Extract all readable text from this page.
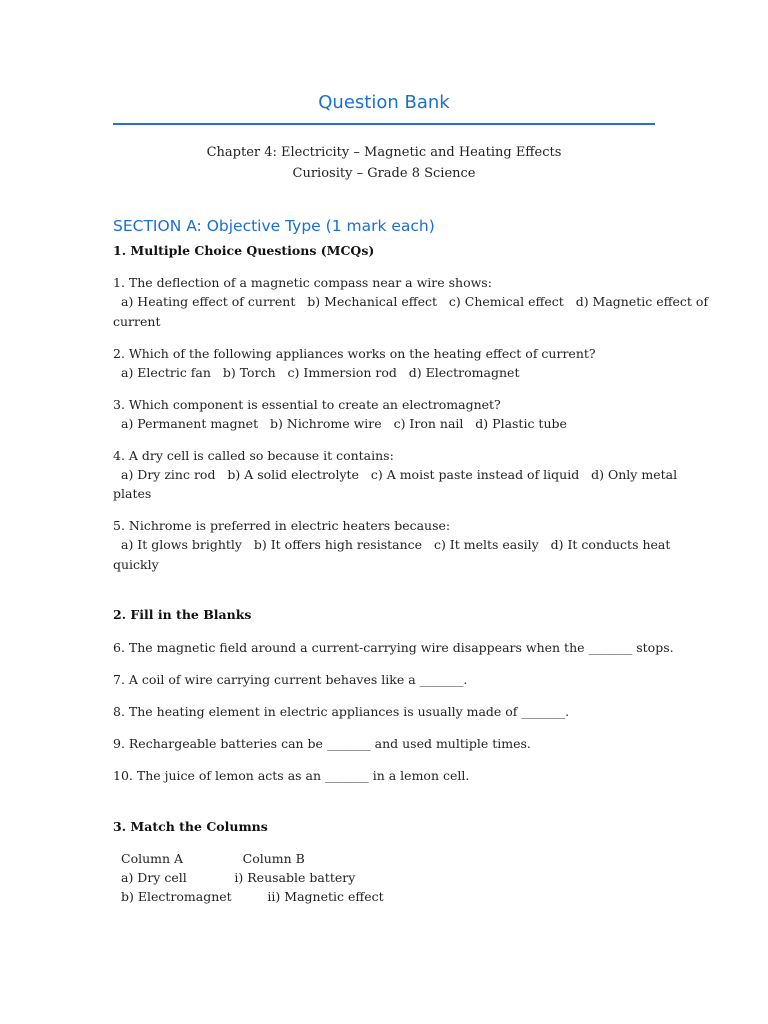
Question Bank
Chapter 4: Electricity – Magnetic and Heating Effects
Curiosity – Grade 8 Science
SECTION A: Objective Type (1 mark each)
1. Multiple Choice Questions (MCQs)
1. The deflection of a magnetic compass near a wire shows:
a) Heating effect of current   b) Mechanical effect   c) Chemical effect   d) Magnetic effect of
current
2. Which of the following appliances works on the heating effect of current?
a) Electric fan   b) Torch   c) Immersion rod   d) Electromagnet
3. Which component is essential to create an electromagnet?
a) Permanent magnet   b) Nichrome wire   c) Iron nail   d) Plastic tube
4. A dry cell is called so because it contains:
a) Dry zinc rod   b) A solid electrolyte   c) A moist paste instead of liquid   d) Only metal
plates
5. Nichrome is preferred in electric heaters because:
a) It glows brightly   b) It offers high resistance   c) It melts easily   d) It conducts heat
quickly
2. Fill in the Blanks
6. The magnetic field around a current-carrying wire disappears when the _______ stops.
7. A coil of wire carrying current behaves like a _______.
8. The heating element in electric appliances is usually made of _______.
9. Rechargeable batteries can be _______ and used multiple times.
10. The juice of lemon acts as an _______ in a lemon cell.
3. Match the Columns
Column A               Column B
a) Dry cell            i) Reusable battery
b) Electromagnet         ii) Magnetic effect
